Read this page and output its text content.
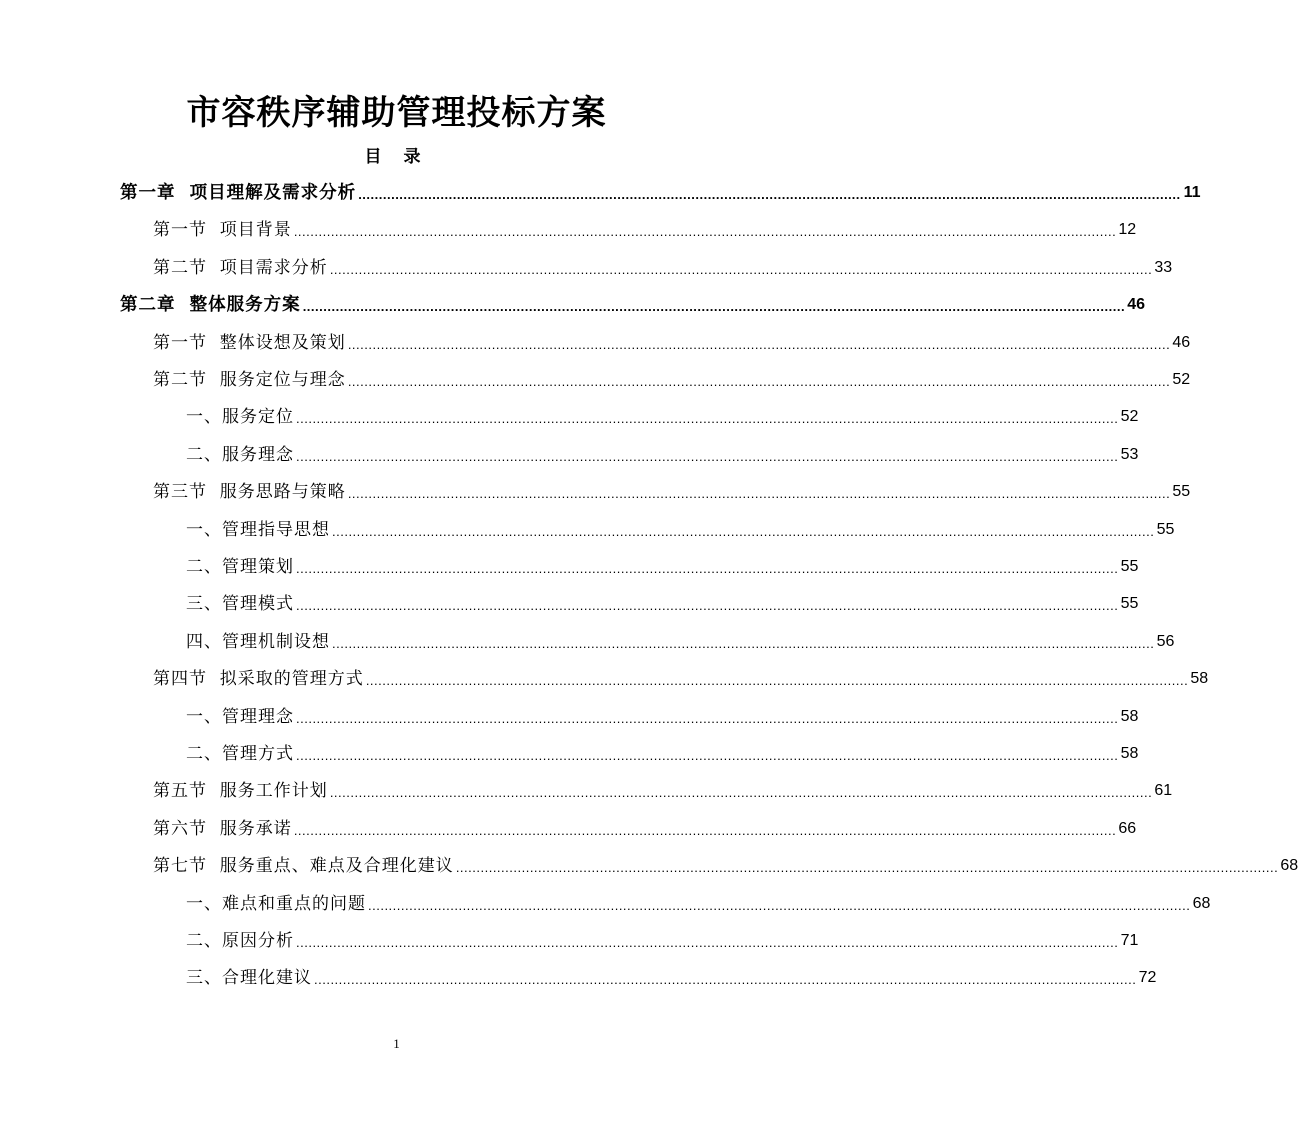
市容秩序辅助管理投标方案
目 录
第一章  项目理解及需求分析 ........................................................................................................................................................................................................ 11
第一节  项目背景 ........................................................................................................................................................................................................ 12
第二节  项目需求分析 ........................................................................................................................................................................................................ 33
第二章  整体服务方案 ........................................................................................................................................................................................................ 46
第一节  整体设想及策划 ........................................................................................................................................................................................................ 46
第二节  服务定位与理念 ........................................................................................................................................................................................................ 52
一、服务定位 ........................................................................................................................................................................................................ 52
二、服务理念 ........................................................................................................................................................................................................ 53
第三节  服务思路与策略 ........................................................................................................................................................................................................ 55
一、管理指导思想 ........................................................................................................................................................................................................ 55
二、管理策划 ........................................................................................................................................................................................................ 55
三、管理模式 ........................................................................................................................................................................................................ 55
四、管理机制设想 ........................................................................................................................................................................................................ 56
第四节  拟采取的管理方式 ........................................................................................................................................................................................................ 58
一、管理理念 ........................................................................................................................................................................................................ 58
二、管理方式 ........................................................................................................................................................................................................ 58
第五节  服务工作计划 ........................................................................................................................................................................................................ 61
第六节  服务承诺 ........................................................................................................................................................................................................ 66
第七节  服务重点、难点及合理化建议 ........................................................................................................................................................................................................ 68
一、难点和重点的问题 ........................................................................................................................................................................................................ 68
二、原因分析 ........................................................................................................................................................................................................ 71
三、合理化建议 ........................................................................................................................................................................................................ 72
1
